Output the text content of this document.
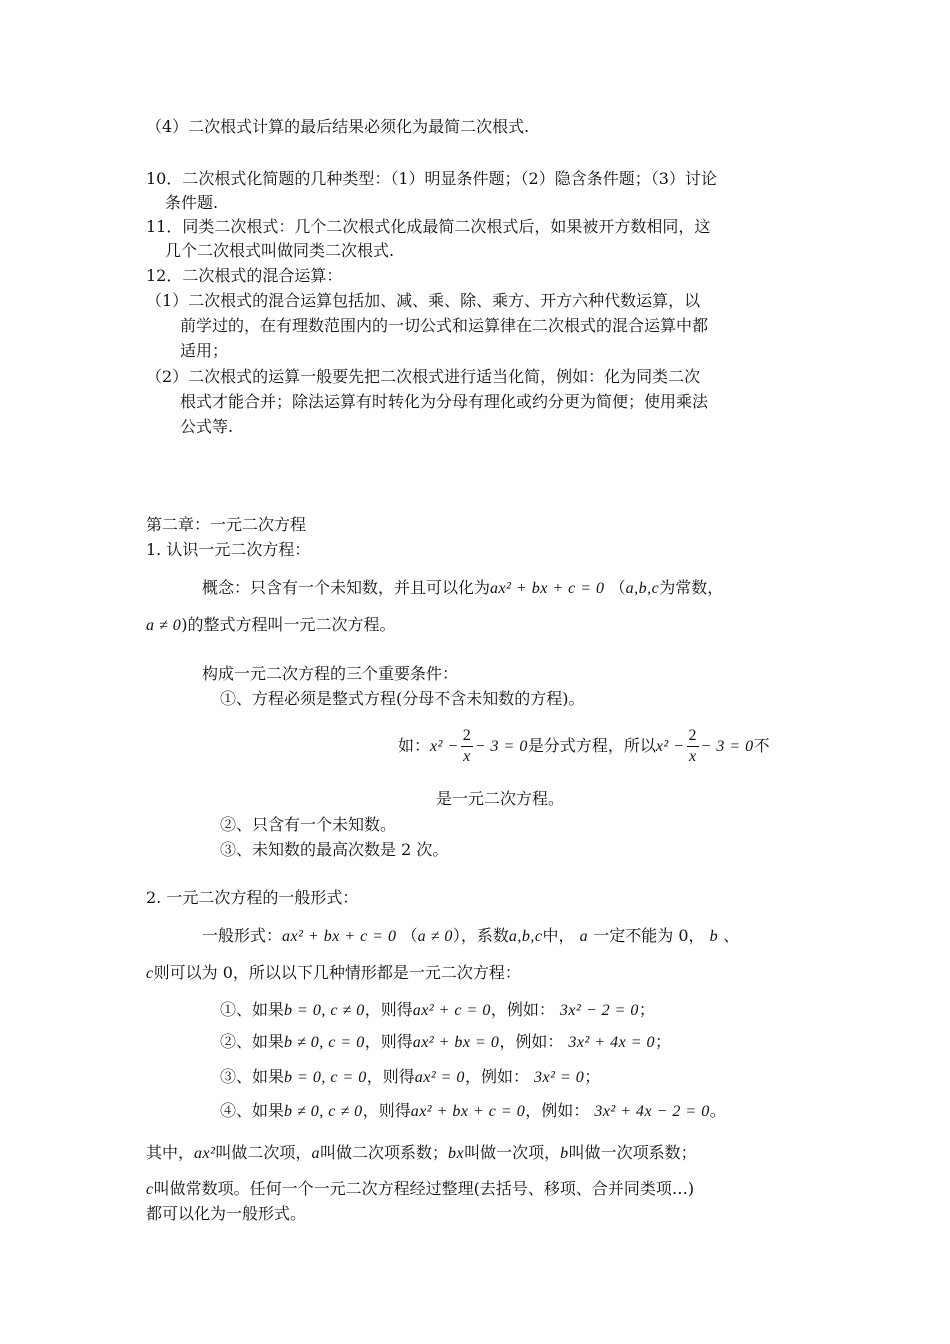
（4）二次根式计算的最后结果必须化为最简二次根式.
10．二次根式化简题的几种类型：（1）明显条件题；（2）隐含条件题；（3）讨论
条件题.
11．同类二次根式：几个二次根式化成最简二次根式后，如果被开方数相同，这
几个二次根式叫做同类二次根式.
12．二次根式的混合运算：
（1）二次根式的混合运算包括加、减、乘、除、乘方、开方六种代数运算，以
前学过的，在有理数范围内的一切公式和运算律在二次根式的混合运算中都
适用；
（2）二次根式的运算一般要先把二次根式进行适当化简，例如：化为同类二次
根式才能合并；除法运算有时转化为分母有理化或约分更为简便；使用乘法
公式等.
第二章：一元二次方程
1. 认识一元二次方程：
概念：只含有一个未知数，并且可以化为ax² + bx + c = 0 （a,b,c为常数，
a ≠ 0)的整式方程叫一元二次方程。
构成一元二次方程的三个重要条件：
①、方程必须是整式方程(分母不含未知数的方程)。
如：$x^2 - \frac{2}{x} - 3 = 0$是分式方程，所以$x^2 - \frac{2}{x} - 3 = 0$不
是一元二次方程。
②、只含有一个未知数。
③、未知数的最高次数是 2 次。
2. 一元二次方程的一般形式：
一般形式：ax² + bx + c = 0 （a ≠ 0），系数a,b,c中， a 一定不能为 0， b 、
c则可以为 0，所以以下几种情形都是一元二次方程：
①、如果b = 0, c ≠ 0，则得ax² + c = 0，例如： 3x² − 2 = 0；
②、如果b ≠ 0, c = 0，则得ax² + bx = 0，例如： 3x² + 4x = 0；
③、如果b = 0, c = 0，则得ax² = 0，例如： 3x² = 0；
④、如果b ≠ 0, c ≠ 0，则得ax² + bx + c = 0，例如： 3x² + 4x − 2 = 0。
其中，ax²叫做二次项，a叫做二次项系数；bx叫做一次项，b叫做一次项系数；
c叫做常数项。任何一个一元二次方程经过整理(去括号、移项、合并同类项…)
都可以化为一般形式。
